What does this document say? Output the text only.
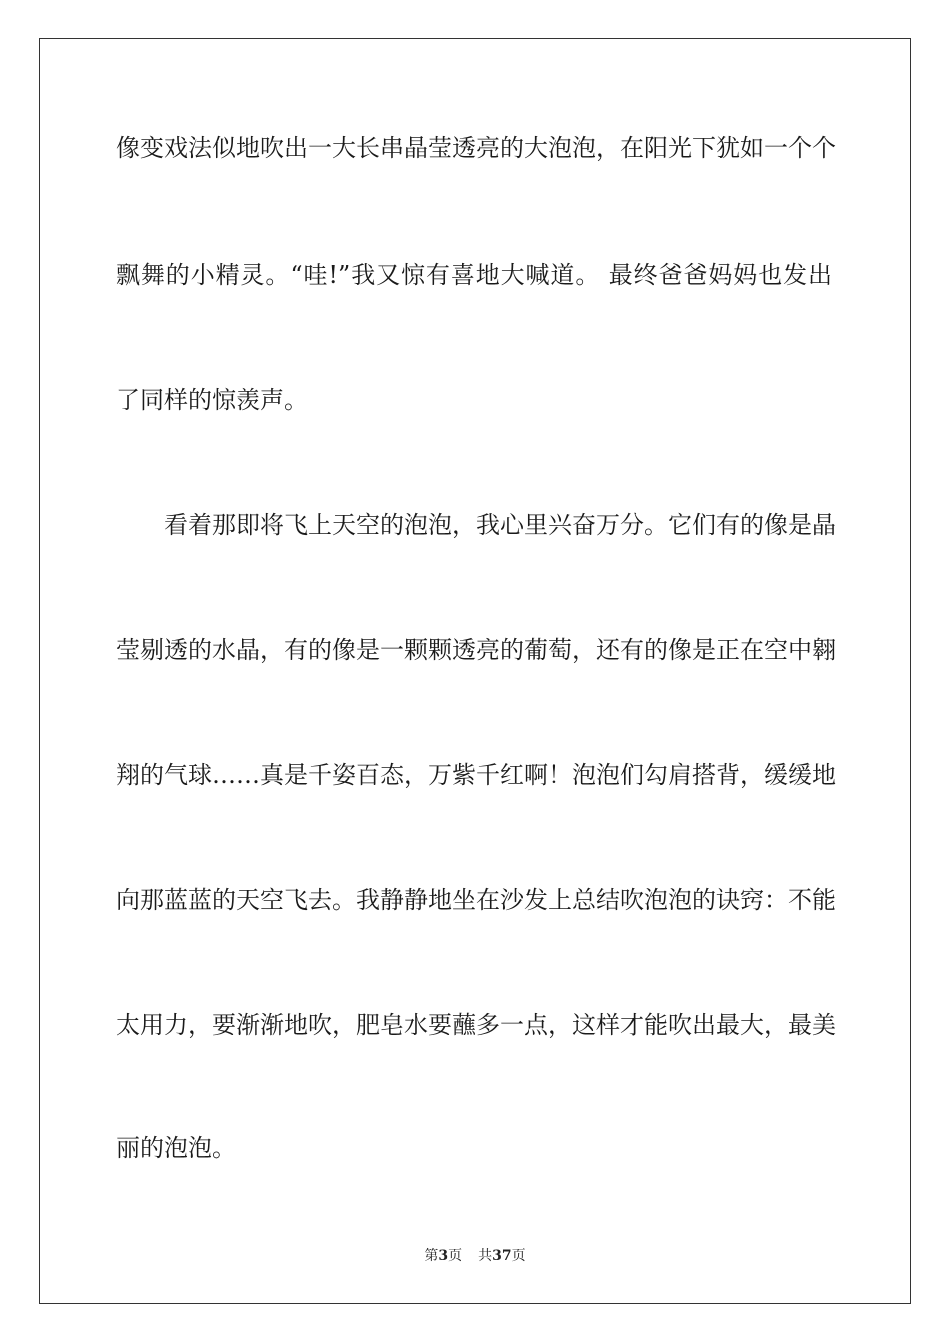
像变戏法似地吹出一大长串晶莹透亮的大泡泡，在阳光下犹如一个个
飘舞的小精灵。“哇!”我又惊有喜地大喊道。 最终爸爸妈妈也发出
了同样的惊羡声。
看着那即将飞上天空的泡泡，我心里兴奋万分。它们有的像是晶
莹剔透的水晶，有的像是一颗颗透亮的葡萄，还有的像是正在空中翱
翔的气球……真是千姿百态，万紫千红啊！泡泡们勾肩搭背，缓缓地
向那蓝蓝的天空飞去。我静静地坐在沙发上总结吹泡泡的诀窍：不能
太用力，要渐渐地吹，肥皂水要蘸多一点，这样才能吹出最大，最美
丽的泡泡。
第3页 共37页
